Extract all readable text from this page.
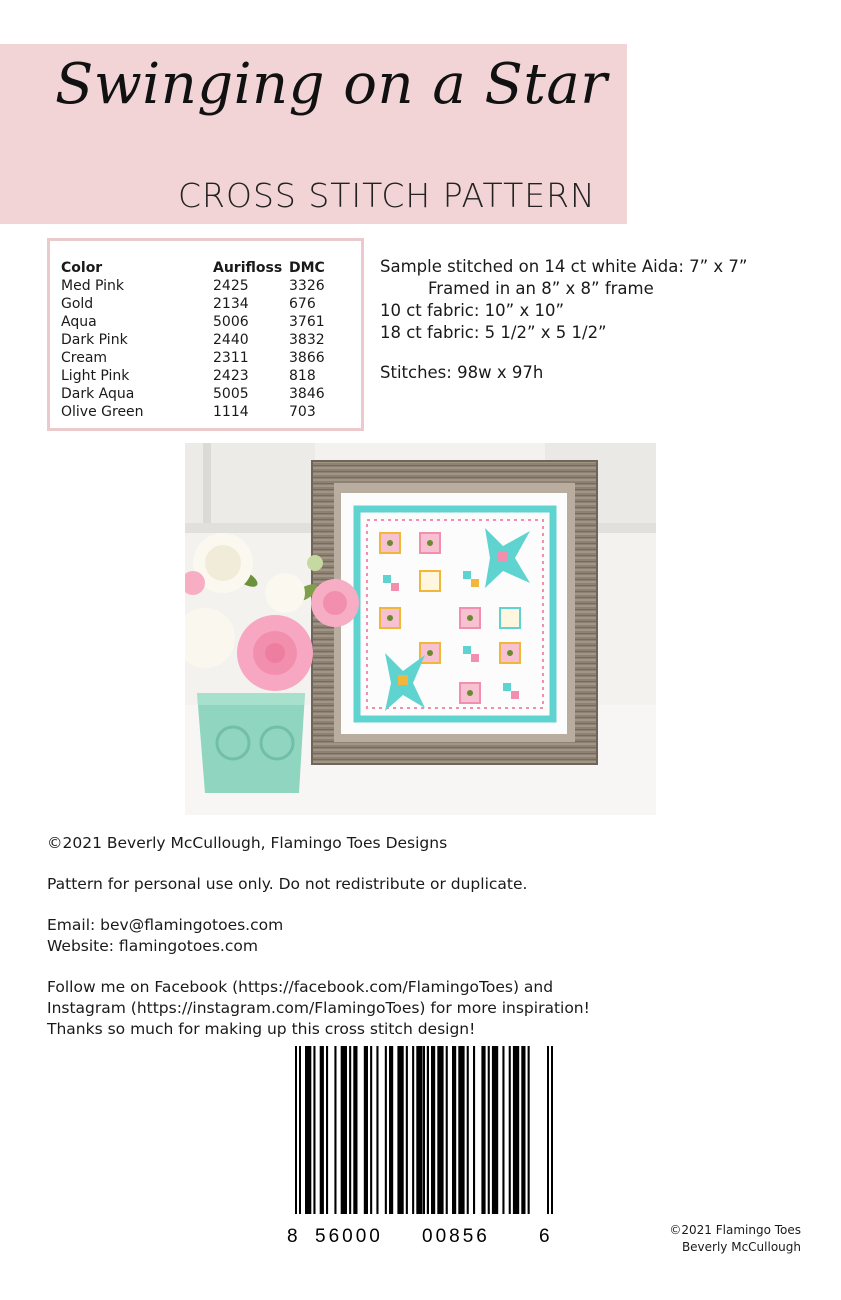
Swinging on a Star
CROSS STITCH PATTERN
Color	Aurifloss	DMC
Med Pink	2425	3326
Gold	2134	676
Aqua	5006	3761
Dark Pink	2440	3832
Cream	2311	3866
Light Pink	2423	818
Dark Aqua	5005	3846
Olive Green	1114	703
Sample stitched on 14 ct white Aida: 7” x 7”
Framed in an 8” x 8” frame
10 ct fabric: 10” x 10”
18 ct fabric: 5 1/2” x 5 1/2”
Stitches: 98w x 97h
©2021 Beverly McCullough, Flamingo Toes Designs
Pattern for personal use only. Do not redistribute or duplicate.
Email: bev@flamingotoes.com
Website: flamingotoes.com
Follow me on Facebook (https://facebook.com/FlamingoToes) and
Instagram (https://instagram.com/FlamingoToes) for more inspiration!
Thanks so much for making up this cross stitch design!
8 56000 00856	6	©2021 Flamingo Toes
Beverly McCullough
